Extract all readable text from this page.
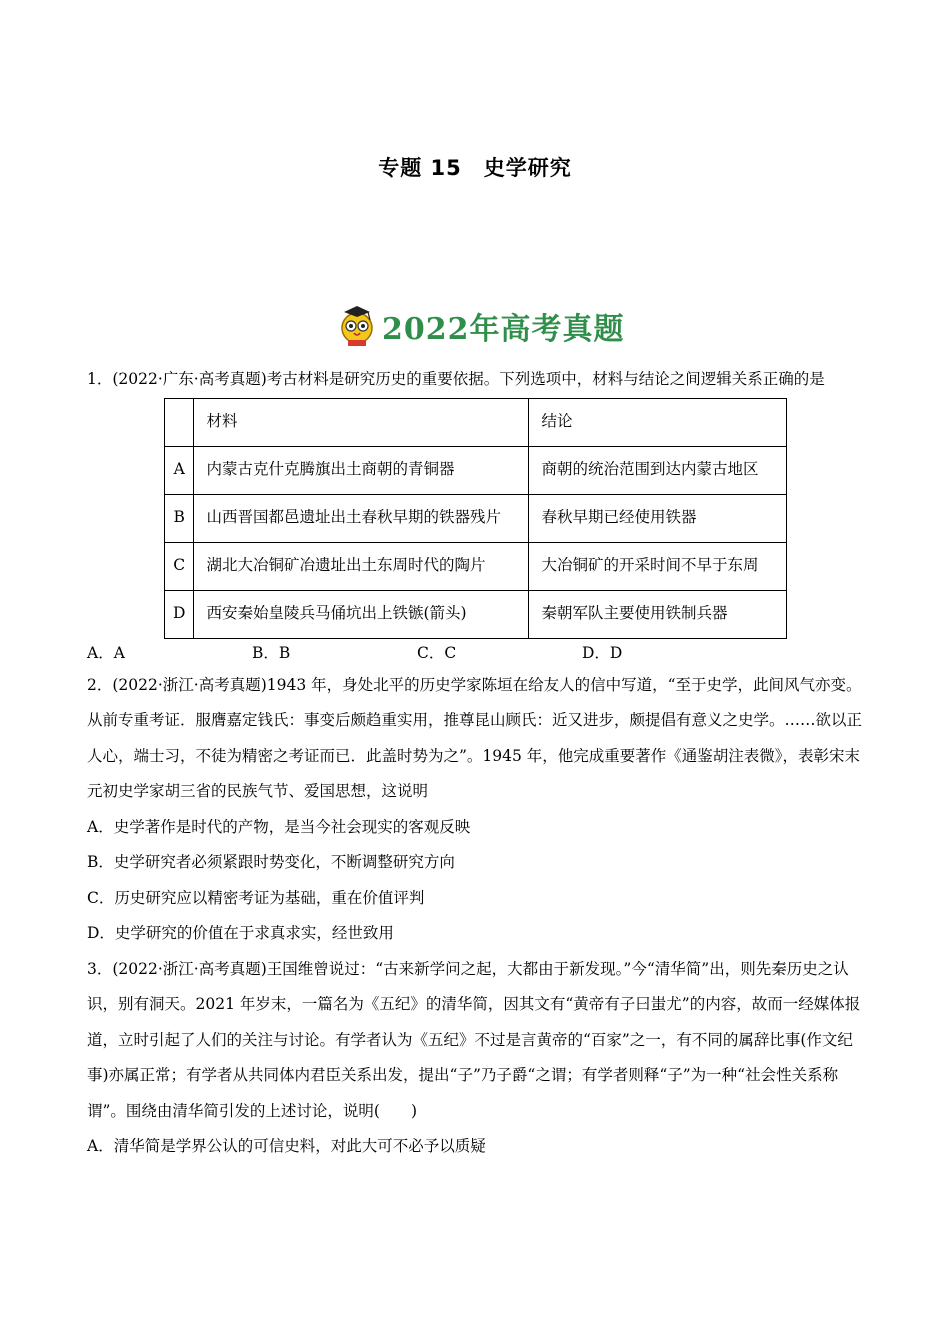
专题 15　史学研究
2022年高考真题

1．(2022·广东·高考真题)考古材料是研究历史的重要依据。下列选项中，材料与结论之间逻辑关系正确的是

	材料	结论
A	内蒙古克什克腾旗出土商朝的青铜器	商朝的统治范围到达内蒙古地区
B	山西晋国都邑遗址出土春秋早期的铁器残片	春秋早期已经使用铁器
C	湖北大冶铜矿冶遗址出土东周时代的陶片	大冶铜矿的开采时间不早于东周
D	西安秦始皇陵兵马俑坑出上铁镞(箭头)	秦朝军队主要使用铁制兵器
A．A	B．B	C．C	D．D

2．(2022·浙江·高考真题)1943 年，身处北平的历史学家陈垣在给友人的信中写道，“至于史学，此间风气亦变。从前专重考证．服膺嘉定钱氏：事变后颇趋重实用，推尊昆山顾氏：近又进步，颇提倡有意义之史学。……欲以正人心，端士习，不徒为精密之考证而已．此盖时势为之”。1945 年，他完成重要著作《通鉴胡注表微》，表彰宋末元初史学家胡三省的民族气节、爱国思想，这说明

A．史学著作是时代的产物，是当今社会现实的客观反映

B．史学研究者必须紧跟时势变化，不断调整研究方向

C．历史研究应以精密考证为基础，重在价值评判

D．史学研究的价值在于求真求实，经世致用

3．(2022·浙江·高考真题)王国维曾说过：“古来新学问之起，大都由于新发现。”今“清华简”出，则先秦历史之认识，别有洞天。2021 年岁末，一篇名为《五纪》的清华简，因其文有“黄帝有子曰蚩尤”的内容，故而一经媒体报道，立时引起了人们的关注与讨论。有学者认为《五纪》不过是言黄帝的“百家”之一，有不同的属辞比事(作文纪事)亦属正常；有学者从共同体内君臣关系出发，提出“子”乃子爵“之谓；有学者则释“子”为一种“社会性关系称谓”。围绕由清华简引发的上述讨论，说明(　　)

A．清华简是学界公认的可信史料，对此大可不必予以质疑
